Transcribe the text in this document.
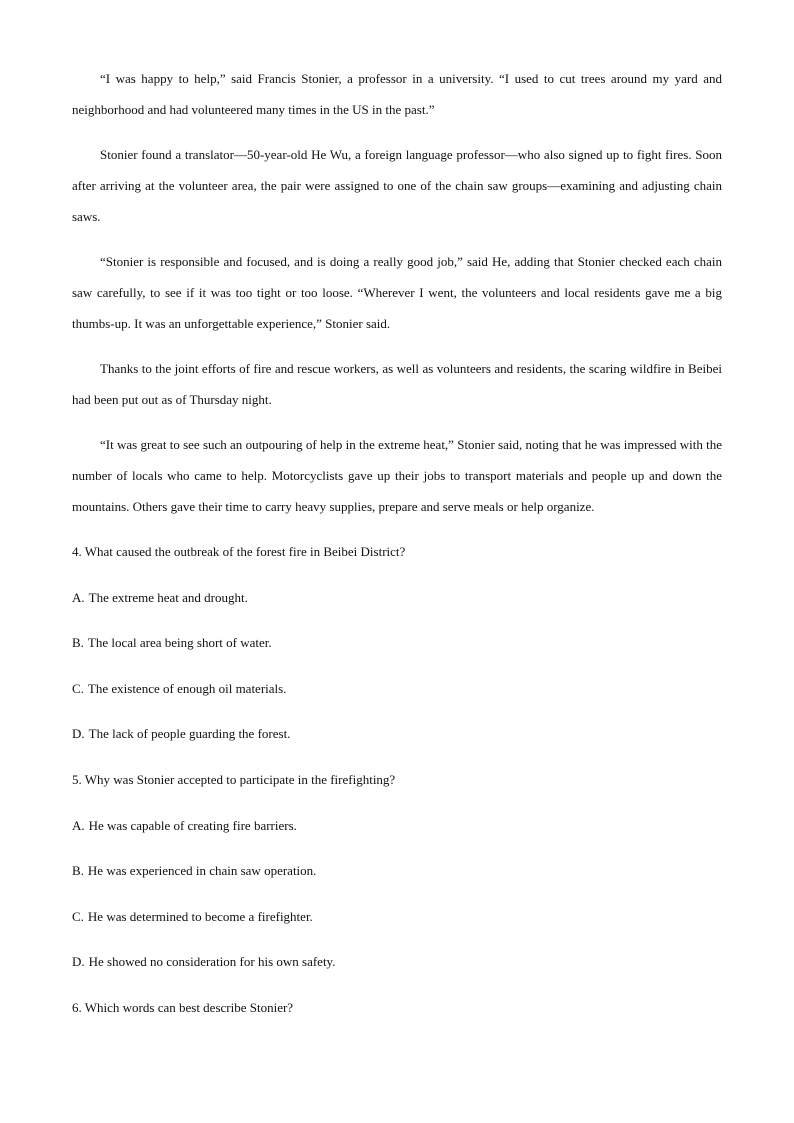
“I was happy to help,” said Francis Stonier, a professor in a university. “I used to cut trees around my yard and neighborhood and had volunteered many times in the US in the past.”

Stonier found a translator—50-year-old He Wu, a foreign language professor—who also signed up to fight fires. Soon after arriving at the volunteer area, the pair were assigned to one of the chain saw groups—examining and adjusting chain saws.

“Stonier is responsible and focused, and is doing a really good job,” said He, adding that Stonier checked each chain saw carefully, to see if it was too tight or too loose. “Wherever I went, the volunteers and local residents gave me a big thumbs-up. It was an unforgettable experience,” Stonier said.

Thanks to the joint efforts of fire and rescue workers, as well as volunteers and residents, the scaring wildfire in Beibei had been put out as of Thursday night.

“It was great to see such an outpouring of help in the extreme heat,” Stonier said, noting that he was impressed with the number of locals who came to help. Motorcyclists gave up their jobs to transport materials and people up and down the mountains. Others gave their time to carry heavy supplies, prepare and serve meals or help organize.

4. What caused the outbreak of the forest fire in Beibei District?

A. The extreme heat and drought.

B. The local area being short of water.

C. The existence of enough oil materials.

D. The lack of people guarding the forest.

5. Why was Stonier accepted to participate in the firefighting?

A. He was capable of creating fire barriers.

B. He was experienced in chain saw operation.

C. He was determined to become a firefighter.

D. He showed no consideration for his own safety.

6. Which words can best describe Stonier?
